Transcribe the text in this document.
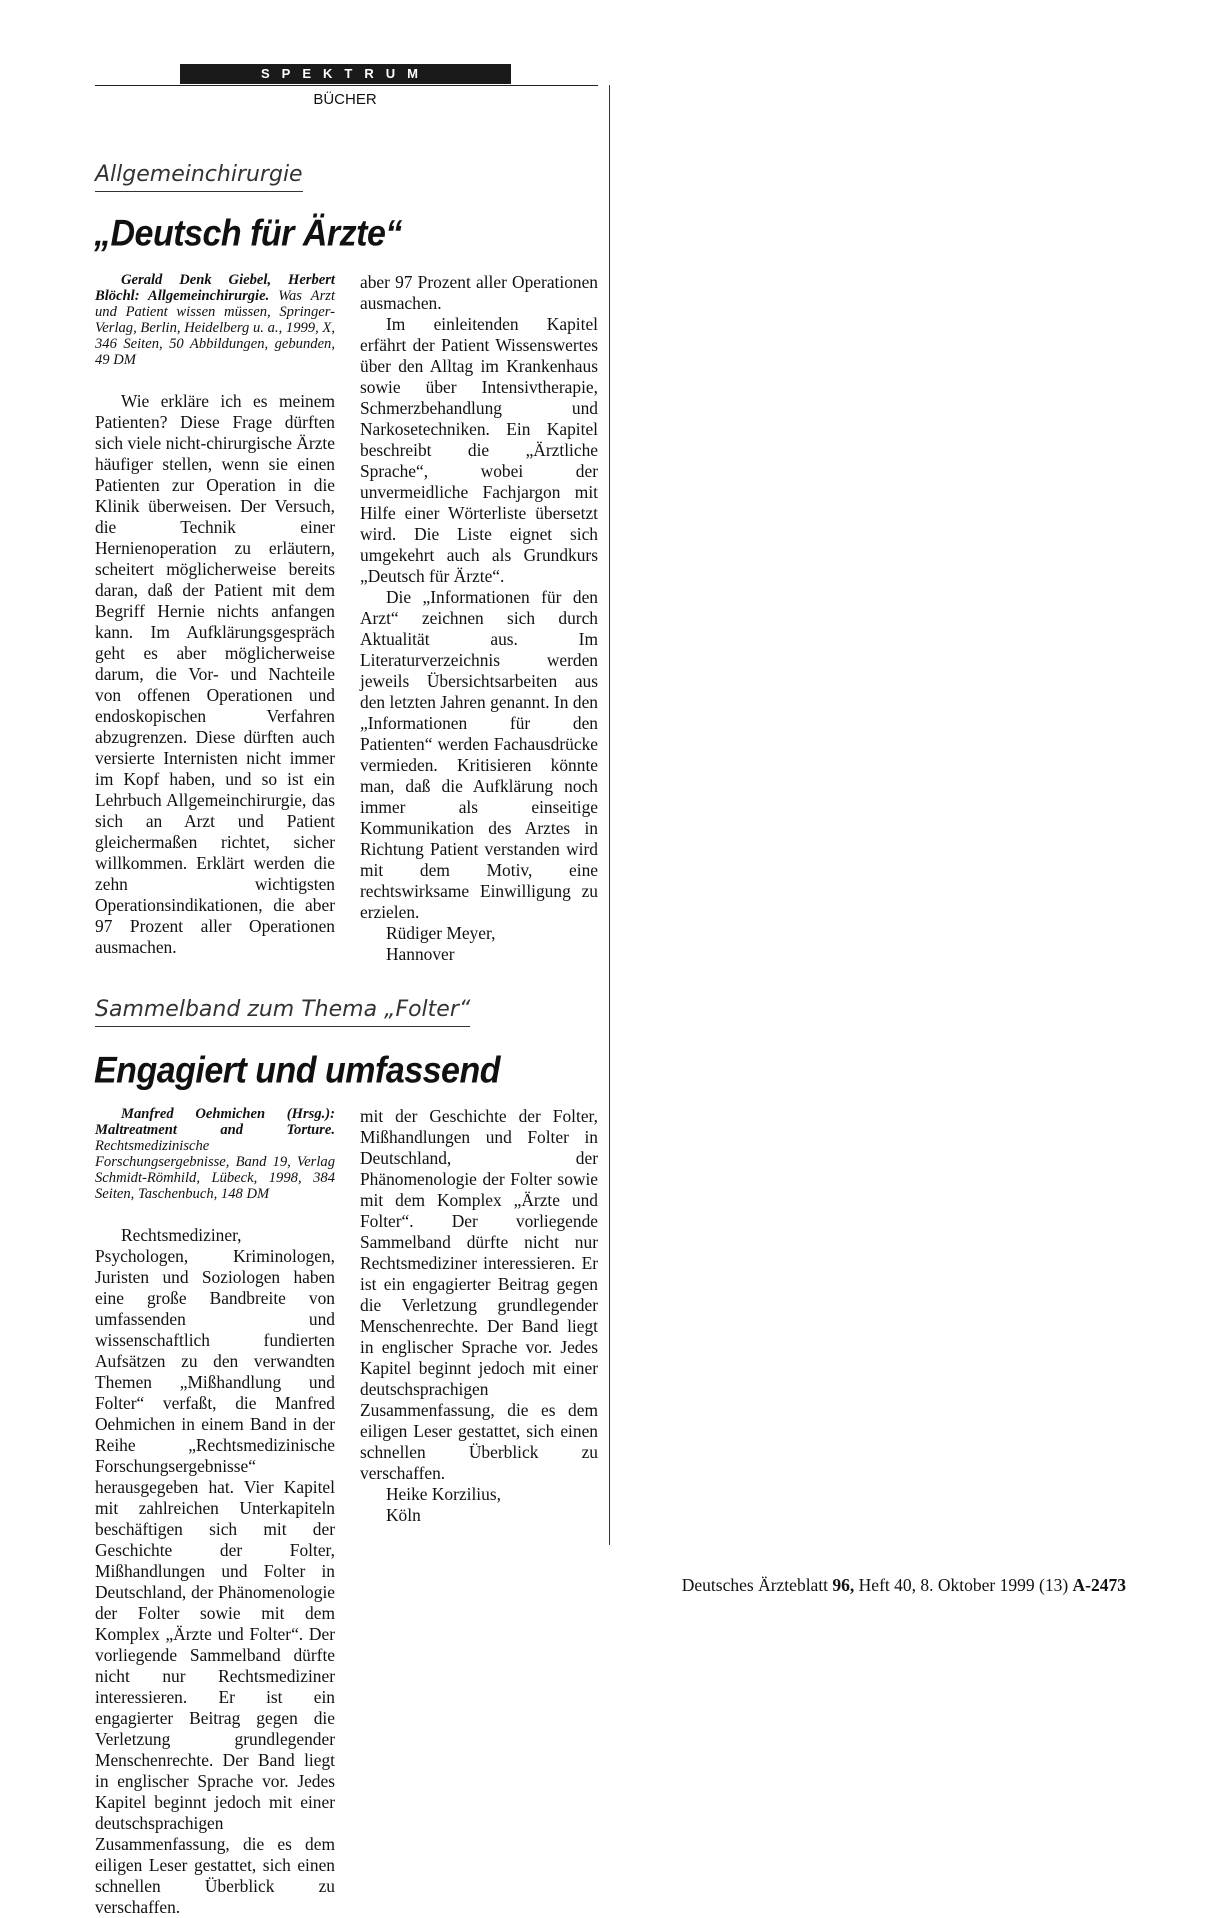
SPEKTRUM
BÜCHER
Allgemeinchirurgie
„Deutsch für Ärzte“

Gerald Denk Giebel, Herbert Blöchl: Allgemeinchirurgie. Was Arzt und Patient wissen müssen, Springer-Verlag, Berlin, Heidelberg u. a., 1999, X, 346 Seiten, 50 Abbildungen, gebunden, 49 DM

Wie erkläre ich es meinem Patienten? Diese Frage dürften sich viele nicht-chirurgische Ärzte häufiger stellen, wenn sie einen Patienten zur Operation in die Klinik überweisen. Der Versuch, die Technik einer Hernienoperation zu erläutern, scheitert möglicherweise bereits daran, daß der Patient mit dem Begriff Hernie nichts anfangen kann. Im Aufklärungsgespräch geht es aber möglicherweise darum, die Vor- und Nachteile von offenen Operationen und endoskopischen Verfahren abzugrenzen. Diese dürften auch versierte Internisten nicht immer im Kopf haben, und so ist ein Lehrbuch Allgemeinchirurgie, das sich an Arzt und Patient gleichermaßen richtet, sicher willkommen. Erklärt werden die zehn wichtigsten Operationsindikationen, die aber 97 Prozent aller Operationen ausmachen.

aber 97 Prozent aller Operationen ausmachen.

Im einleitenden Kapitel erfährt der Patient Wissenswertes über den Alltag im Krankenhaus sowie über Intensivtherapie, Schmerzbehandlung und Narkosetechniken. Ein Kapitel beschreibt die „Ärztliche Sprache“, wobei der unvermeidliche Fachjargon mit Hilfe einer Wörterliste übersetzt wird. Die Liste eignet sich umgekehrt auch als Grundkurs „Deutsch für Ärzte“.

Die „Informationen für den Arzt“ zeichnen sich durch Aktualität aus. Im Literaturverzeichnis werden jeweils Übersichtsarbeiten aus den letzten Jahren genannt. In den „Informationen für den Patienten“ werden Fachausdrücke vermieden. Kritisieren könnte man, daß die Aufklärung noch immer als einseitige Kommunikation des Arztes in Richtung Patient verstanden wird mit dem Motiv, eine rechtswirksame Einwilligung zu erzielen.

Rüdiger Meyer,

Hannover

Sammelband zum Thema „Folter“
Engagiert und umfassend

Manfred Oehmichen (Hrsg.): Maltreatment and Torture. Rechtsmedizinische Forschungsergebnisse, Band 19, Verlag Schmidt-Römhild, Lübeck, 1998, 384 Seiten, Taschenbuch, 148 DM

Rechtsmediziner, Psychologen, Kriminologen, Juristen und Soziologen haben eine große Bandbreite von umfassenden und wissenschaftlich fundierten Aufsätzen zu den verwandten Themen „Mißhandlung und Folter“ verfaßt, die Manfred Oehmichen in einem Band in der Reihe „Rechtsmedizinische Forschungsergebnisse“ herausgegeben hat. Vier Kapitel mit zahlreichen Unterkapiteln beschäftigen sich mit der Geschichte der Folter, Mißhandlungen und Folter in Deutschland, der Phänomenologie der Folter sowie mit dem Komplex „Ärzte und Folter“. Der vorliegende Sammelband dürfte nicht nur Rechtsmediziner interessieren. Er ist ein engagierter Beitrag gegen die Verletzung grundlegender Menschenrechte. Der Band liegt in englischer Sprache vor. Jedes Kapitel beginnt jedoch mit einer deutschsprachigen Zusammenfassung, die es dem eiligen Leser gestattet, sich einen schnellen Überblick zu verschaffen.

mit der Geschichte der Folter, Mißhandlungen und Folter in Deutschland, der Phänomenologie der Folter sowie mit dem Komplex „Ärzte und Folter“. Der vorliegende Sammelband dürfte nicht nur Rechtsmediziner interessieren. Er ist ein engagierter Beitrag gegen die Verletzung grundlegender Menschenrechte. Der Band liegt in englischer Sprache vor. Jedes Kapitel beginnt jedoch mit einer deutschsprachigen Zusammenfassung, die es dem eiligen Leser gestattet, sich einen schnellen Überblick zu verschaffen.

Heike Korzilius,

Köln

Deutsches Ärzteblatt 96, Heft 40, 8. Oktober 1999 (13) A-2473
